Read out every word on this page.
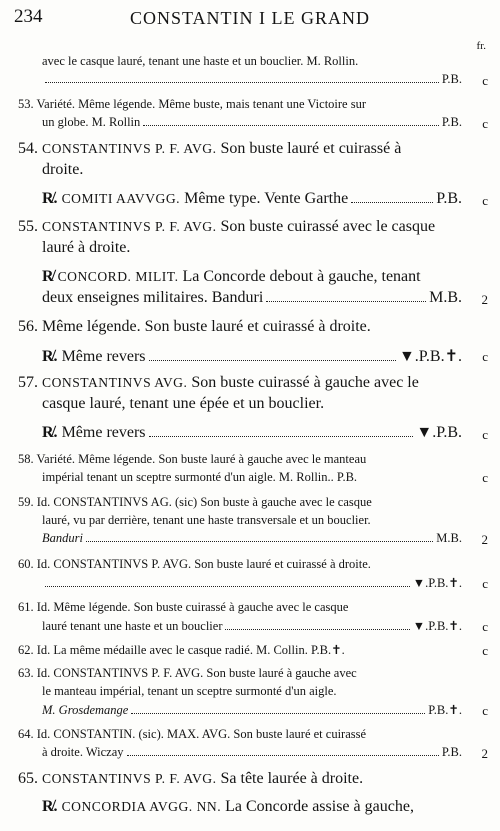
234	CONSTANTIN I LE GRAND
fr.
avec le casque lauré, tenant une haste et un bouclier. M. Rollin.
P.B. c
53. Variété. Même légende. Même buste, mais tenant une Victoire sur
un globe. M. Rollin	P.B. c
54. CONSTANTINVS P. F. AVG. Son buste lauré et cuirassé à
droite.
R̸.
COMITI AAVVGG.
Même type. Vente Garthe	P.B. c
55. CONSTANTINVS P. F. AVG. Son buste cuirassé avec le casque
lauré à droite.
R̸ CONCORD. MILIT. La Concorde debout à gauche, tenant
deux enseignes militaires. Banduri	M.B. 2
56. Même légende. Son buste lauré et cuirassé à droite.
R̸.
Même revers	▼.P.B.✝. c
57. CONSTANTINVS AVG. Son buste cuirassé à gauche avec le
casque lauré, tenant une épée et un bouclier.
R̸.
Même revers	▼.P.B. c
58. Variété. Même légende. Son buste lauré à gauche avec le manteau
impérial tenant un sceptre surmonté d'un aigle. M. Rollin.. P.B.	c
59. Id. CONSTANTINVS AG. (sic) Son buste à gauche avec le casque
lauré, vu par derrière, tenant une haste transversale et un bouclier.
Banduri	M.B. 2
60. Id. CONSTANTINVS P. AVG. Son buste lauré et cuirassé à droite.
▼.P.B.✝. c
61. Id. Même légende. Son buste cuirassé à gauche avec le casque
lauré tenant une haste et un bouclier	▼.P.B.✝. c
62. Id. La même médaille avec le casque radié. M. Collin. P.B.✝.	c
63. Id. CONSTANTINVS P. F. AVG. Son buste lauré à gauche avec
le manteau impérial, tenant un sceptre surmonté d'un aigle.
M. Grosdemange	P.B.✝. c
64. Id. CONSTANTIN. (sic). MAX. AVG. Son buste lauré et cuirassé
à droite. Wiczay	P.B. 2
65. CONSTANTINVS P. F. AVG. Sa tête laurée à droite.
R̸. CONCORDIA AVGG. NN. La Concorde assise à gauche,
